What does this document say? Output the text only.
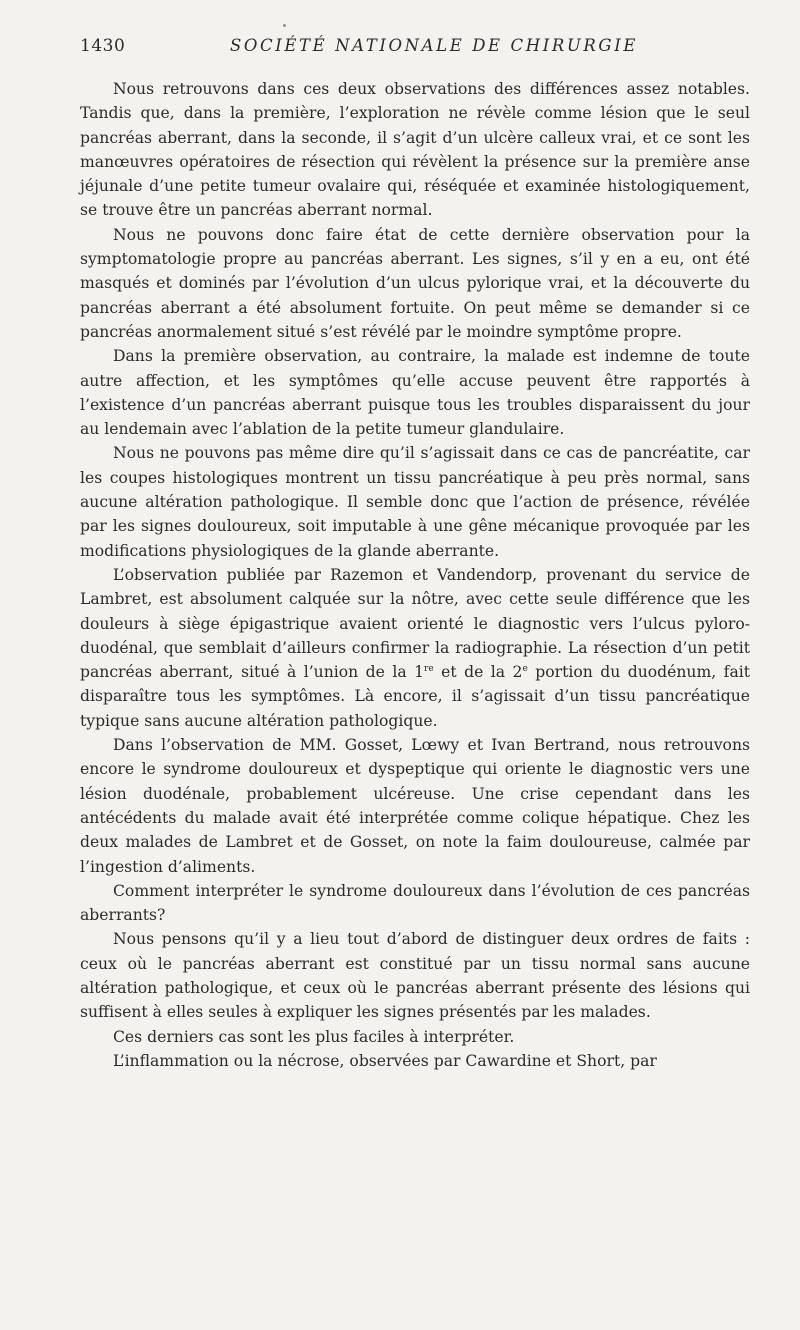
1430	SOCIÉTÉ NATIONALE DE CHIRURGIE

Nous retrouvons dans ces deux observations des différences assez notables. Tandis que, dans la première, l’exploration ne révèle comme lésion que le seul pancréas aberrant, dans la seconde, il s’agit d’un ulcère calleux vrai, et ce sont les manœuvres opératoires de résection qui révèlent la présence sur la première anse jéjunale d’une petite tumeur ovalaire qui, réséquée et examinée histologiquement, se trouve être un pancréas aberrant normal.

Nous ne pouvons donc faire état de cette dernière observation pour la symptomatologie propre au pancréas aberrant. Les signes, s’il y en a eu, ont été masqués et dominés par l’évolution d’un ulcus pylorique vrai, et la découverte du pancréas aberrant a été absolument fortuite. On peut même se demander si ce pancréas anormalement situé s’est révélé par le moindre symptôme propre.

Dans la première observation, au contraire, la malade est indemne de toute autre affection, et les symptômes qu’elle accuse peuvent être rapportés à l’existence d’un pancréas aberrant puisque tous les troubles disparaissent du jour au lendemain avec l’ablation de la petite tumeur glandulaire.

Nous ne pouvons pas même dire qu’il s’agissait dans ce cas de pancréatite, car les coupes histologiques montrent un tissu pancréatique à peu près normal, sans aucune altération pathologique. Il semble donc que l’action de présence, révélée par les signes douloureux, soit imputable à une gêne mécanique provoquée par les modifications physiologiques de la glande aberrante.

L’observation publiée par Razemon et Vandendorp, provenant du service de Lambret, est absolument calquée sur la nôtre, avec cette seule différence que les douleurs à siège épigastrique avaient orienté le diagnostic vers l’ulcus pyloro-duodénal, que semblait d’ailleurs confirmer la radiographie. La résection d’un petit pancréas aberrant, situé à l’union de la 1re et de la 2e portion du duodénum, fait disparaître tous les symptômes. Là encore, il s’agissait d’un tissu pancréatique typique sans aucune altération pathologique.

Dans l’observation de MM. Gosset, Lœwy et Ivan Bertrand, nous retrouvons encore le syndrome douloureux et dyspeptique qui oriente le diagnostic vers une lésion duodénale, probablement ulcéreuse. Une crise cependant dans les antécédents du malade avait été interprétée comme colique hépatique. Chez les deux malades de Lambret et de Gosset, on note la faim douloureuse, calmée par l’ingestion d’aliments.

Comment interpréter le syndrome douloureux dans l’évolution de ces pancréas aberrants?

Nous pensons qu’il y a lieu tout d’abord de distinguer deux ordres de faits : ceux où le pancréas aberrant est constitué par un tissu normal sans aucune altération pathologique, et ceux où le pancréas aberrant présente des lésions qui suffisent à elles seules à expliquer les signes présentés par les malades.

Ces derniers cas sont les plus faciles à interpréter.

L’inflammation ou la nécrose, observées par Cawardine et Short, par
